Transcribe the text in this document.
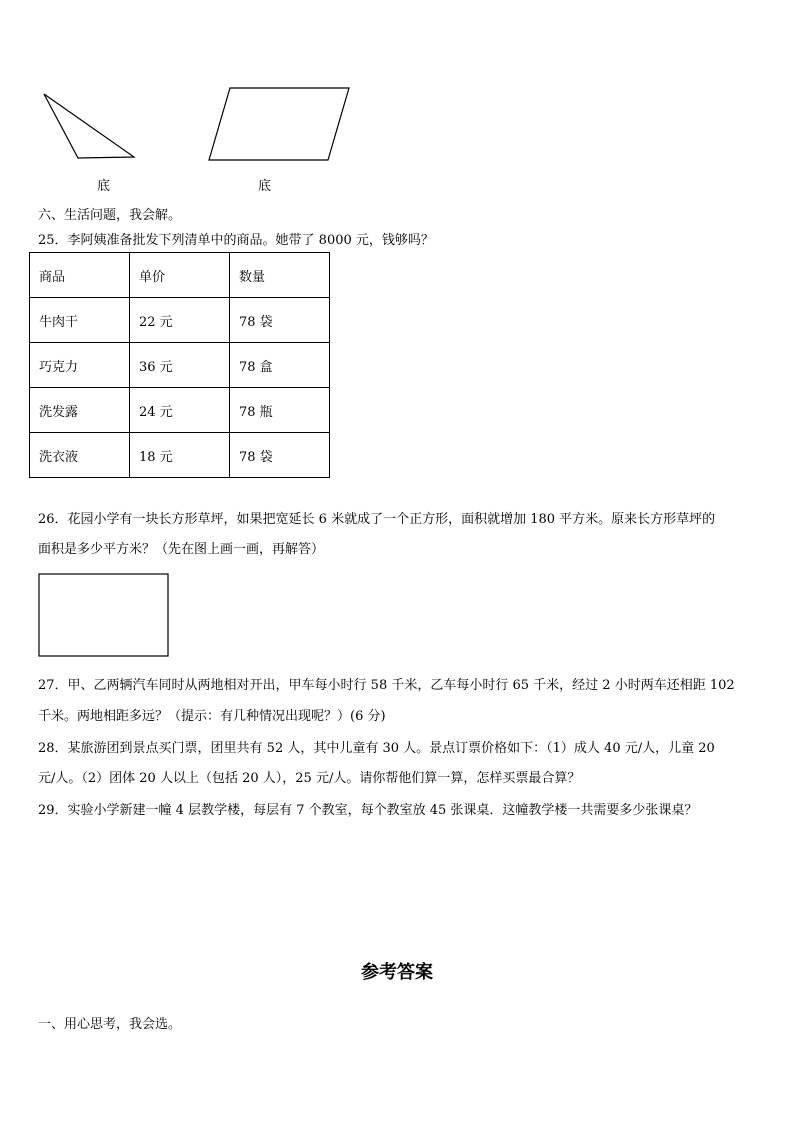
底	底
六、生活问题，我会解。
25．李阿姨准备批发下列清单中的商品。她带了 8000 元，钱够吗？
商品	单价	数量
牛肉干	22 元	78 袋
巧克力	36 元	78 盒
洗发露	24 元	78 瓶
洗衣液	18 元	78 袋
26．花园小学有一块长方形草坪，如果把宽延长 6 米就成了一个正方形，面积就增加 180 平方米。原来长方形草坪的
面积是多少平方米？（先在图上画一画，再解答）
27．甲、乙两辆汽车同时从两地相对开出，甲车每小时行 58 千米，乙车每小时行 65 千米，经过 2 小时两车还相距 102
千米。两地相距多远？（提示：有几种情况出现呢？）(6 分)
28．某旅游团到景点买门票，团里共有 52 人，其中儿童有 30 人。景点订票价格如下：（1）成人 40 元/人，儿童 20
元/人。（2）团体 20 人以上（包括 20 人），25 元/人。请你帮他们算一算，怎样买票最合算？
29．实验小学新建一幢 4 层教学楼，每层有 7 个教室，每个教室放 45 张课桌．这幢教学楼一共需要多少张课桌？
参考答案
一、用心思考，我会选。
